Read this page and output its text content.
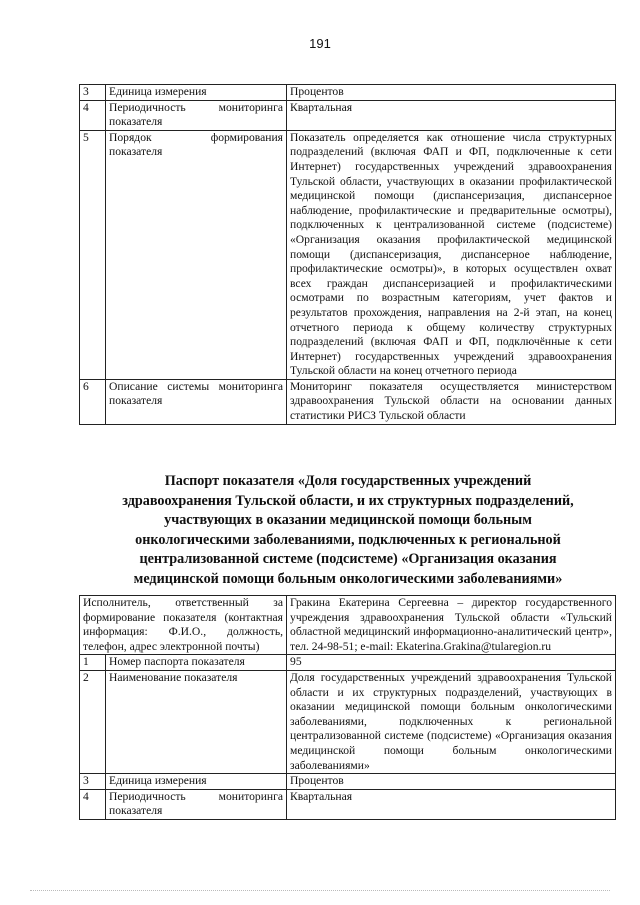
191
3	Единица измерения	Процентов
4	Периодичность мониторинга показателя	Квартальная
5	Порядок формирования показателя	Показатель определяется как отношение числа структурных подразделений (включая ФАП и ФП, подключенные к сети Интернет) государственных учреждений здравоохранения Тульской области, участвующих в оказании профилактической медицинской помощи (диспансеризация, диспансерное наблюдение, профилактические и предварительные осмотры), подключенных к централизованной системе (подсистеме) «Организация оказания профилактической медицинской помощи (диспансеризация, диспансерное наблюдение, профилактические осмотры)», в которых осуществлен охват всех граждан диспансеризацией и профилактическими осмотрами по возрастным категориям, учет фактов и результатов прохождения, направления на 2-й этап, на конец отчетного периода к общему количеству структурных подразделений (включая ФАП и ФП, подключённые к сети Интернет) государственных учреждений здравоохранения Тульской области на конец отчетного периода
6	Описание системы мониторинга показателя	Мониторинг показателя осуществляется министерством здравоохранения Тульской области на основании данных статистики РИСЗ Тульской области
Паспорт показателя «Доля государственных учреждений
здравоохранения Тульской области, и их структурных подразделений,
участвующих в оказании медицинской помощи больным
онкологическими заболеваниями, подключенных к региональной
централизованной системе (подсистеме) «Организация оказания
медицинской помощи больным онкологическими заболеваниями»
Исполнитель, ответственный за формирование показателя (контактная информация: Ф.И.О., должность, телефон, адрес электронной почты)		Гракина Екатерина Сергеевна – директор государственного учреждения здравоохранения Тульской области «Тульский областной медицинский информационно-аналитический центр», тел. 24-98-51; e-mail: Ekaterina.Grakina@tularegion.ru
1	Номер паспорта показателя	95
2	Наименование показателя	Доля государственных учреждений здравоохранения Тульской области и их структурных подразделений, участвующих в оказании медицинской помощи больным онкологическими заболеваниями, подключенных к региональной централизованной системе (подсистеме) «Организация оказания медицинской помощи больным онкологическими заболеваниями»
3	Единица измерения	Процентов
4	Периодичность мониторинга показателя	Квартальная
